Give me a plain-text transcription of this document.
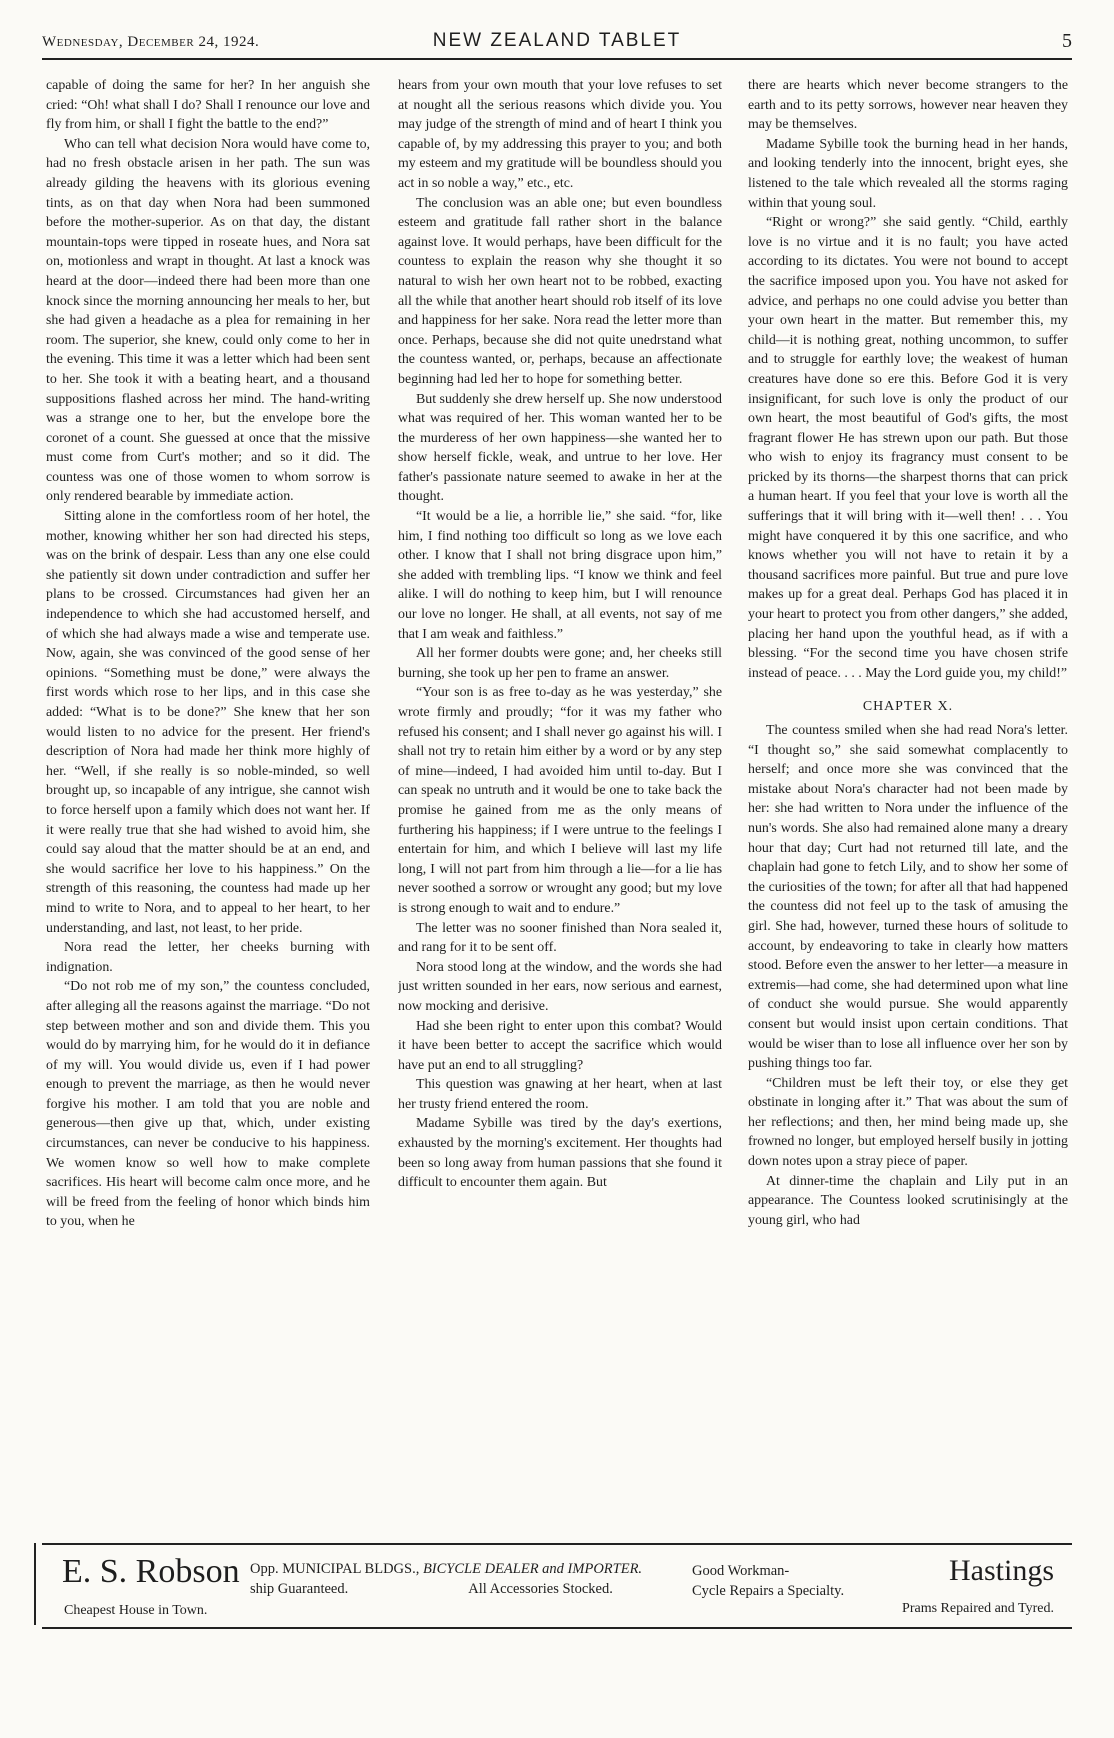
Wednesday, December 24, 1924.	NEW ZEALAND TABLET	5

capable of doing the same for her? In her anguish she cried: “Oh! what shall I do? Shall I renounce our love and fly from him, or shall I fight the battle to the end?”

Who can tell what decision Nora would have come to, had no fresh obstacle arisen in her path. The sun was already gilding the heavens with its glorious evening tints, as on that day when Nora had been summoned before the mother-superior. As on that day, the distant mountain-tops were tipped in roseate hues, and Nora sat on, motionless and wrapt in thought. At last a knock was heard at the door—indeed there had been more than one knock since the morning announcing her meals to her, but she had given a headache as a plea for remaining in her room. The superior, she knew, could only come to her in the evening. This time it was a letter which had been sent to her. She took it with a beating heart, and a thousand suppositions flashed across her mind. The hand-writing was a strange one to her, but the envelope bore the coronet of a count. She guessed at once that the missive must come from Curt's mother; and so it did. The countess was one of those women to whom sorrow is only rendered bearable by immediate action.

Sitting alone in the comfortless room of her hotel, the mother, knowing whither her son had directed his steps, was on the brink of despair. Less than any one else could she patiently sit down under contradiction and suffer her plans to be crossed. Circumstances had given her an independence to which she had accustomed herself, and of which she had always made a wise and temperate use. Now, again, she was convinced of the good sense of her opinions. “Something must be done,” were always the first words which rose to her lips, and in this case she added: “What is to be done?” She knew that her son would listen to no advice for the present. Her friend's description of Nora had made her think more highly of her. “Well, if she really is so noble-minded, so well brought up, so incapable of any intrigue, she cannot wish to force herself upon a family which does not want her. If it were really true that she had wished to avoid him, she could say aloud that the matter should be at an end, and she would sacrifice her love to his happiness.” On the strength of this reasoning, the countess had made up her mind to write to Nora, and to appeal to her heart, to her understanding, and last, not least, to her pride.

Nora read the letter, her cheeks burning with indignation.

“Do not rob me of my son,” the countess concluded, after alleging all the reasons against the marriage. “Do not step between mother and son and divide them. This you would do by marrying him, for he would do it in defiance of my will. You would divide us, even if I had power enough to prevent the marriage, as then he would never forgive his mother. I am told that you are noble and generous—then give up that, which, under existing circumstances, can never be conducive to his happiness. We women know so well how to make complete sacrifices. His heart will become calm once more, and he will be freed from the feeling of honor which binds him to you, when he

hears from your own mouth that your love refuses to set at nought all the serious reasons which divide you. You may judge of the strength of mind and of heart I think you capable of, by my addressing this prayer to you; and both my esteem and my gratitude will be boundless should you act in so noble a way,” etc., etc.

The conclusion was an able one; but even boundless esteem and gratitude fall rather short in the balance against love. It would perhaps, have been difficult for the countess to explain the reason why she thought it so natural to wish her own heart not to be robbed, exacting all the while that another heart should rob itself of its love and happiness for her sake. Nora read the letter more than once. Perhaps, because she did not quite unedrstand what the countess wanted, or, perhaps, because an affectionate beginning had led her to hope for something better.

But suddenly she drew herself up. She now understood what was required of her. This woman wanted her to be the murderess of her own happiness—she wanted her to show herself fickle, weak, and untrue to her love. Her father's passionate nature seemed to awake in her at the thought.

“It would be a lie, a horrible lie,” she said. “for, like him, I find nothing too difficult so long as we love each other. I know that I shall not bring disgrace upon him,” she added with trembling lips. “I know we think and feel alike. I will do nothing to keep him, but I will renounce our love no longer. He shall, at all events, not say of me that I am weak and faithless.”

All her former doubts were gone; and, her cheeks still burning, she took up her pen to frame an answer.

“Your son is as free to-day as he was yesterday,” she wrote firmly and proudly; “for it was my father who refused his consent; and I shall never go against his will. I shall not try to retain him either by a word or by any step of mine—indeed, I had avoided him until to-day. But I can speak no untruth and it would be one to take back the promise he gained from me as the only means of furthering his happiness; if I were untrue to the feelings I entertain for him, and which I believe will last my life long, I will not part from him through a lie—for a lie has never soothed a sorrow or wrought any good; but my love is strong enough to wait and to endure.”

The letter was no sooner finished than Nora sealed it, and rang for it to be sent off.

Nora stood long at the window, and the words she had just written sounded in her ears, now serious and earnest, now mocking and derisive.

Had she been right to enter upon this combat? Would it have been better to accept the sacrifice which would have put an end to all struggling?

This question was gnawing at her heart, when at last her trusty friend entered the room.

Madame Sybille was tired by the day's exertions, exhausted by the morning's excitement. Her thoughts had been so long away from human passions that she found it difficult to encounter them again. But

there are hearts which never become strangers to the earth and to its petty sorrows, however near heaven they may be themselves.

Madame Sybille took the burning head in her hands, and looking tenderly into the innocent, bright eyes, she listened to the tale which revealed all the storms raging within that young soul.

“Right or wrong?” she said gently. “Child, earthly love is no virtue and it is no fault; you have acted according to its dictates. You were not bound to accept the sacrifice imposed upon you. You have not asked for advice, and perhaps no one could advise you better than your own heart in the matter. But remember this, my child—it is nothing great, nothing uncommon, to suffer and to struggle for earthly love; the weakest of human creatures have done so ere this. Before God it is very insignificant, for such love is only the product of our own heart, the most beautiful of God's gifts, the most fragrant flower He has strewn upon our path. But those who wish to enjoy its fragrancy must consent to be pricked by its thorns—the sharpest thorns that can prick a human heart. If you feel that your love is worth all the sufferings that it will bring with it—well then! . . . You might have conquered it by this one sacrifice, and who knows whether you will not have to retain it by a thousand sacrifices more painful. But true and pure love makes up for a great deal. Perhaps God has placed it in your heart to protect you from other dangers,” she added, placing her hand upon the youthful head, as if with a blessing. “For the second time you have chosen strife instead of peace. . . . May the Lord guide you, my child!”

CHAPTER X.

The countess smiled when she had read Nora's letter. “I thought so,” she said somewhat complacently to herself; and once more she was convinced that the mistake about Nora's character had not been made by her: she had written to Nora under the influence of the nun's words. She also had remained alone many a dreary hour that day; Curt had not returned till late, and the chaplain had gone to fetch Lily, and to show her some of the curiosities of the town; for after all that had happened the countess did not feel up to the task of amusing the girl. She had, however, turned these hours of solitude to account, by endeavoring to take in clearly how matters stood. Before even the answer to her letter—a measure in extremis—had come, she had determined upon what line of conduct she would pursue. She would apparently consent but would insist upon certain conditions. That would be wiser than to lose all influence over her son by pushing things too far.

“Children must be left their toy, or else they get obstinate in longing after it.” That was about the sum of her reflections; and then, her mind being made up, she frowned no longer, but employed herself busily in jotting down notes upon a stray piece of paper.

At dinner-time the chaplain and Lily put in an appearance. The Countess looked scrutinisingly at the young girl, who had

E. S. Robson
Cheapest House in Town.
Opp. MUNICIPAL BLDGS., BICYCLE DEALER and IMPORTER.
ship Guaranteed.	All Accessories Stocked.
Good Workman-
Cycle Repairs a Specialty.
Hastings
Prams Repaired and Tyred.
